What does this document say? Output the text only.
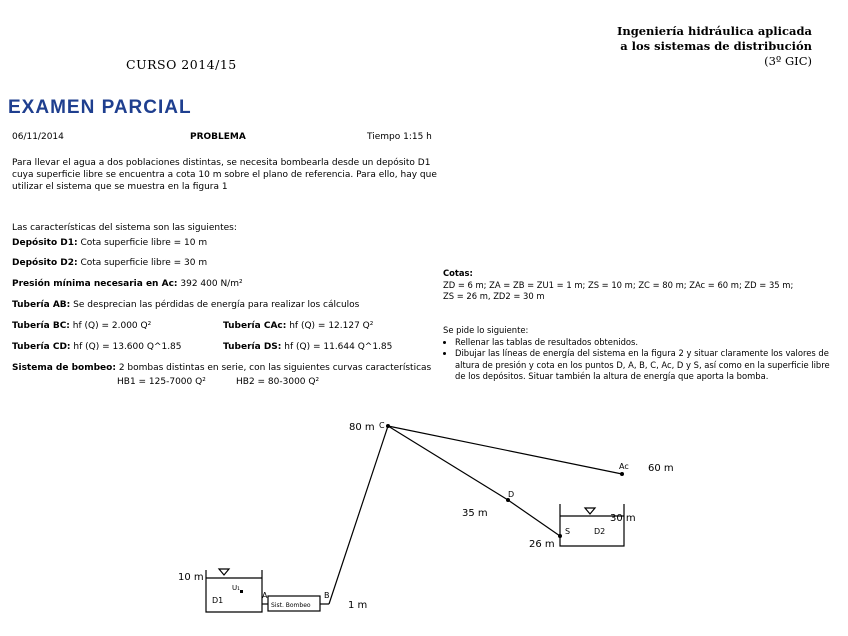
Ingeniería hidráulica aplicada
a los sistemas de distribución
(3º GIC)
CURSO 2014/15
EXAMEN PARCIAL
06/11/2014	PROBLEMA	Tiempo 1:15 h
Para llevar el agua a dos poblaciones distintas, se necesita bombearla desde un depósito D1 cuya superficie libre se encuentra a cota 10 m sobre el plano de referencia. Para ello, hay que utilizar el sistema que se muestra en la figura 1
Las características del sistema son las siguientes:
Depósito D1: Cota superficie libre = 10 m
Depósito D2: Cota superficie libre = 30 m
Presión mínima necesaria en Ac: 392 400 N/m²
Tubería AB: Se desprecian las pérdidas de energía para realizar los cálculos
Tubería BC: hf (Q) = 2.000 Q²	Tubería CAc: hf (Q) = 12.127 Q²
Tubería CD: hf (Q) = 13.600 Q^1.85	Tubería DS: hf (Q) = 11.644 Q^1.85
Sistema de bombeo: 2 bombas distintas en serie, con las siguientes curvas características
HB1 = 125-7000 Q²	HB2 = 80-3000 Q²
Cotas:
ZD = 6 m; ZA = ZB = ZU1 = 1 m; ZS = 10 m; ZC = 80 m; ZAc = 60 m; ZD = 35 m;
ZS = 26 m, ZD2 = 30 m
Se pide lo siguiente:
• Rellenar las tablas de resultados obtenidos.
• Dibujar las líneas de energía del sistema en la figura 2 y situar claramente los valores de altura de presión y cota en los puntos D, A, B, C, Ac, D y S, así como en la superficie libre de los depósitos. Situar también la altura de energía que aporta la bomba.
80 m C
Ac 60 m
D
35 m
S
26 m
D2
30 m
10 m
D1
U₁
A	B
1 m
Sist. Bombeo
